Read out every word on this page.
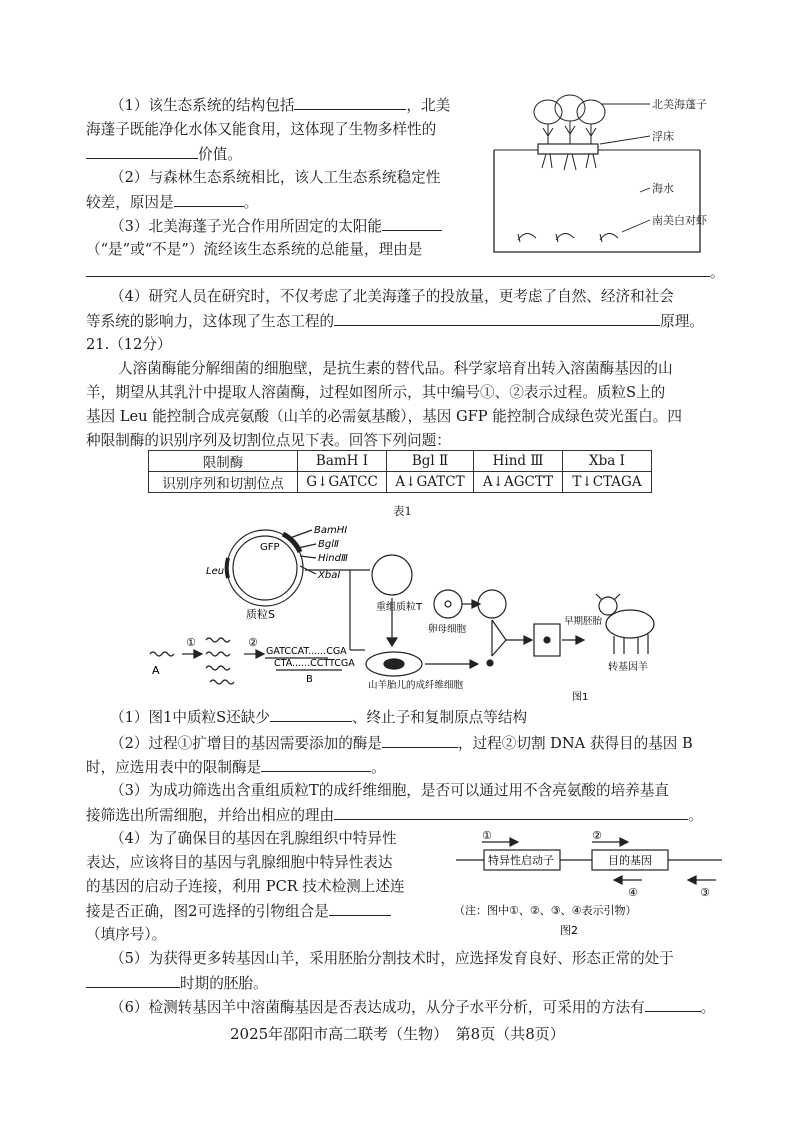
（1）该生态系统的结构包括	，北美
海蓬子既能净化水体又能食用，这体现了生物多样性的
价值。
（2）与森林生态系统相比，该人工生态系统稳定性
较差，原因是	。
（3）北美海蓬子光合作用所固定的太阳能
（“是”或“不是”）流经该生态系统的总能量，理由是
。
（4）研究人员在研究时，不仅考虑了北美海蓬子的投放量，更考虑了自然、经济和社会
等系统的影响力，这体现了生态工程的	原理。
北美海蓬子
浮床
海水
南美白对虾
21.（12分）
人溶菌酶能分解细菌的细胞壁，是抗生素的替代品。科学家培育出转入溶菌酶基因的山
羊，期望从其乳汁中提取人溶菌酶，过程如图所示，其中编号①、②表示过程。质粒S上的
基因 Leu 能控制合成亮氨酸（山羊的必需氨基酸），基因 GFP 能控制合成绿色荧光蛋白。四
种限制酶的识别序列及切割位点见下表。回答下列问题：
限制酶	BamH Ⅰ	Bgl Ⅱ	Hind Ⅲ	Xba Ⅰ
识别序列和切割位点	G↓GATCC	A↓GATCT	A↓AGCTT	T↓CTAGA
表1
BamHⅠ
BglⅡ
HindⅢ
XbaⅠ
GFP
Leu
质粒S
重组质粒T
①	②
A
GATCCAT......CGA
CTA......CCTTCGA
B
山羊胎儿的成纤维细胞
卵母细胞
早期胚胎
转基因羊
图1
（1）图1中质粒S还缺少	、终止子和复制原点等结构
（2）过程①扩增目的基因需要添加的酶是	，过程②切割 DNA 获得目的基因 B
时，应选用表中的限制酶是	。
（3）为成功筛选出含重组质粒T的成纤维细胞，是否可以通过用不含亮氨酸的培养基直
接筛选出所需细胞，并给出相应的理由	。
（4）为了确保目的基因在乳腺组织中特异性
表达，应该将目的基因与乳腺细胞中特异性表达
的基因的启动子连接，利用 PCR 技术检测上述连
接是否正确，图2可选择的引物组合是
（填序号）。
特异性启动子	目的基因
①	②
③
④
（注：图中①、②、③、④表示引物）
图2
（5）为获得更多转基因山羊，采用胚胎分割技术时，应选择发育良好、形态正常的处于
时期的胚胎。
（6）检测转基因羊中溶菌酶基因是否表达成功，从分子水平分析，可采用的方法有	。
2025年邵阳市高二联考（生物）　第8页（共8页）
